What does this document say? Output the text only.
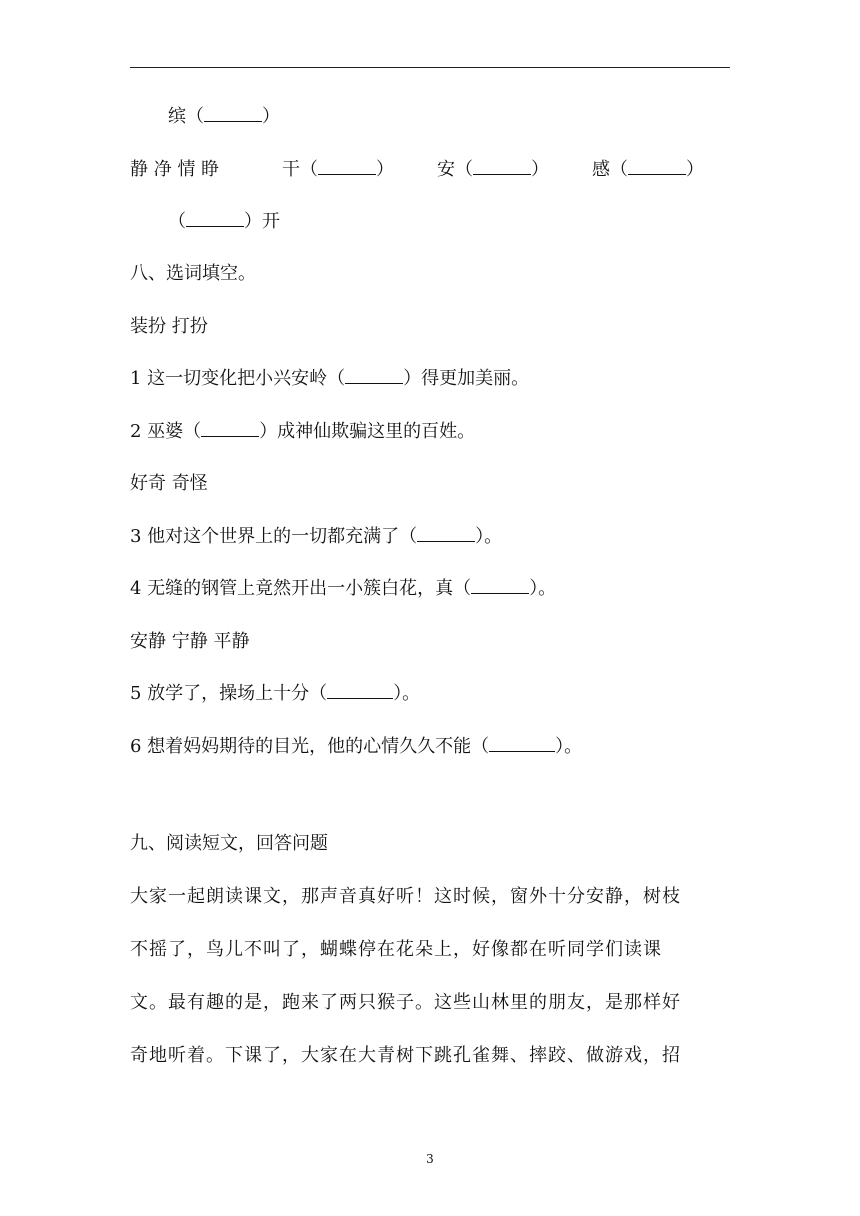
缤（	）
静 净 情 睁	干（	） 安（	） 感（	）
（	）开
八、选词填空。
装扮 打扮
1 这一切变化把小兴安岭（	）得更加美丽。
2 巫婆（	）成神仙欺骗这里的百姓。
好奇 奇怪
3 他对这个世界上的一切都充满了（	）。
4 无缝的钢管上竟然开出一小簇白花，真（	）。
安静 宁静 平静
5 放学了，操场上十分（	）。
6 想着妈妈期待的目光，他的心情久久不能（	）。
九、阅读短文，回答问题
大家一起朗读课文，那声音真好听！这时候，窗外十分安静，树枝
不摇了，鸟儿不叫了，蝴蝶停在花朵上，好像都在听同学们读课
文。最有趣的是，跑来了两只猴子。这些山林里的朋友，是那样好
奇地听着。下课了，大家在大青树下跳孔雀舞、摔跤、做游戏，招
3
